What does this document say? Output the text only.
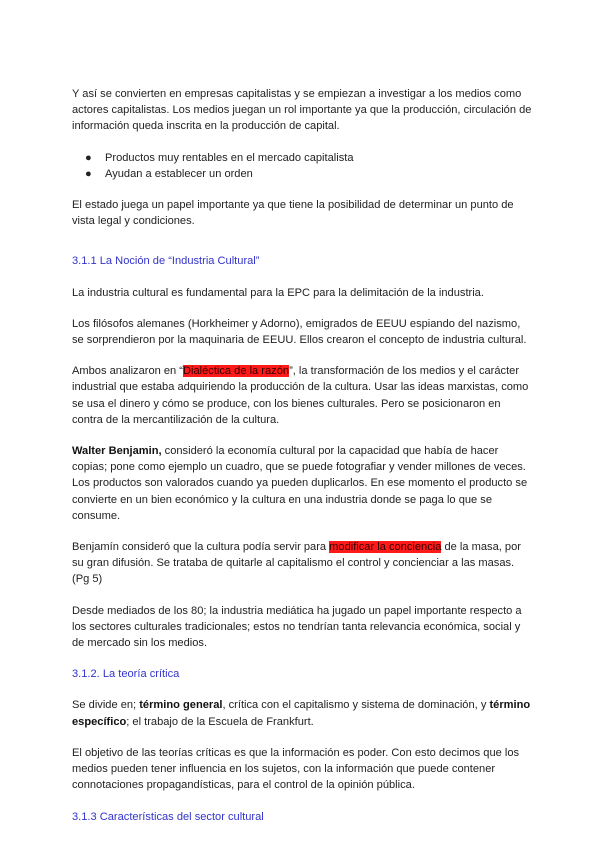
Y así se convierten en empresas capitalistas y se empiezan a investigar a los medios como actores capitalistas. Los medios juegan un rol importante ya que la producción, circulación de información queda inscrita en la producción de capital.

● Productos muy rentables en el mercado capitalista
● Ayudan a establecer un orden

El estado juega un papel importante ya que tiene la posibilidad de determinar un punto de vista legal y condiciones.

3.1.1 La Noción de “Industria Cultural”

La industria cultural es fundamental para la EPC para la delimitación de la industria.

Los filósofos alemanes (Horkheimer y Adorno), emigrados de EEUU espiando del nazismo, se sorprendieron por la maquinaria de EEUU. Ellos crearon el concepto de industria cultural.

Ambos analizaron en “Dialéctica de la razón”, la transformación de los medios y el carácter industrial que estaba adquiriendo la producción de la cultura. Usar las ideas marxistas, como se usa el dinero y cómo se produce, con los bienes culturales. Pero se posicionaron en contra de la mercantilización de la cultura.

Walter Benjamin, consideró la economía cultural por la capacidad que había de hacer copias; pone como ejemplo un cuadro, que se puede fotografiar y vender millones de veces. Los productos son valorados cuando ya pueden duplicarlos. En ese momento el producto se convierte en un bien económico y la cultura en una industria donde se paga lo que se consume.

Benjamín consideró que la cultura podía servir para modificar la conciencia de la masa, por su gran difusión. Se trataba de quitarle al capitalismo el control y concienciar a las masas. (Pg 5)

Desde mediados de los 80; la industria mediática ha jugado un papel importante respecto a los sectores culturales tradicionales; estos no tendrían tanta relevancia económica, social y de mercado sin los medios.

3.1.2. La teoría crítica

Se divide en; término general, crítica con el capitalismo y sistema de dominación, y término específico; el trabajo de la Escuela de Frankfurt.

El objetivo de las teorías críticas es que la información es poder. Con esto decimos que los medios pueden tener influencia en los sujetos, con la información que puede contener connotaciones propagandísticas, para el control de la opinión pública.

3.1.3 Características del sector cultural
